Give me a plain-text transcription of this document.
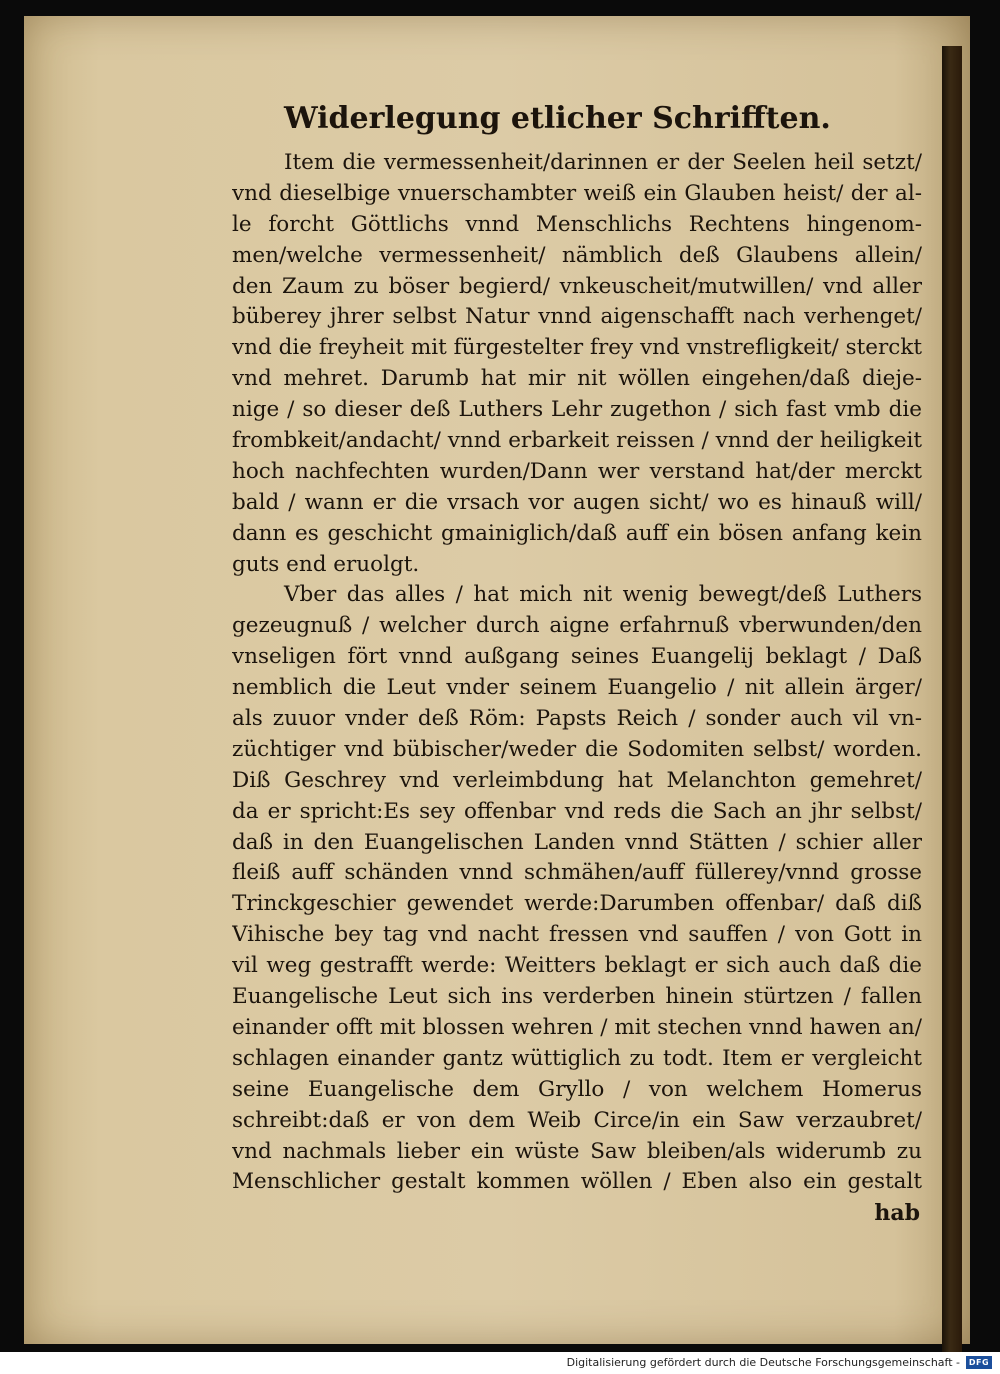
Widerlegung etlicher Schrifften.
Item die vermessenheit/darinnen er der Seelen heil setzt/
vnd dieselbige vnuerschambter weiß ein Glauben heist/ der al-
le forcht Göttlichs vnnd Menschlichs Rechtens hingenom-
men/welche vermessenheit/ nämblich deß Glaubens allein/
den Zaum zu böser begierd/ vnkeuscheit/mutwillen/ vnd aller
büberey jhrer selbst Natur vnnd aigenschafft nach verhenget/
vnd die freyheit mit fürgestelter frey vnd vnstrefligkeit/ sterckt
vnd mehret. Darumb hat mir nit wöllen eingehen/daß dieje-
nige / so dieser deß Luthers Lehr zugethon / sich fast vmb die
frombkeit/andacht/ vnnd erbarkeit reissen / vnnd der heiligkeit
hoch nachfechten wurden/Dann wer verstand hat/der merckt
bald / wann er die vrsach vor augen sicht/ wo es hinauß will/
dann es geschicht gmainiglich/daß auff ein bösen anfang kein
guts end eruolgt.
Vber das alles / hat mich nit wenig bewegt/deß Luthers
gezeugnuß / welcher durch aigne erfahrnuß vberwunden/den
vnseligen fört vnnd außgang seines Euangelij beklagt / Daß
nemblich die Leut vnder seinem Euangelio / nit allein ärger/
als zuuor vnder deß Röm: Papsts Reich / sonder auch vil vn-
züchtiger vnd bübischer/weder die Sodomiten selbst/ worden.
Diß Geschrey vnd verleimbdung hat Melanchton gemehret/
da er spricht:Es sey offenbar vnd reds die Sach an jhr selbst/
daß in den Euangelischen Landen vnnd Stätten / schier aller
fleiß auff schänden vnnd schmähen/auff füllerey/vnnd grosse
Trinckgeschier gewendet werde:Darumben offenbar/ daß diß
Vihische bey tag vnd nacht fressen vnd sauffen / von Gott in
vil weg gestrafft werde: Weitters beklagt er sich auch daß die
Euangelische Leut sich ins verderben hinein stürtzen / fallen
einander offt mit blossen wehren / mit stechen vnnd hawen an/
schlagen einander gantz wüttiglich zu todt. Item er vergleicht
seine Euangelische dem Gryllo / von welchem Homerus
schreibt:daß er von dem Weib Circe/in ein Saw verzaubret/
vnd nachmals lieber ein wüste Saw bleiben/als widerumb zu
Menschlicher gestalt kommen wöllen / Eben also ein gestalt
hab
Digitalisierung gefördert durch die Deutsche Forschungsgemeinschaft -	DFG
